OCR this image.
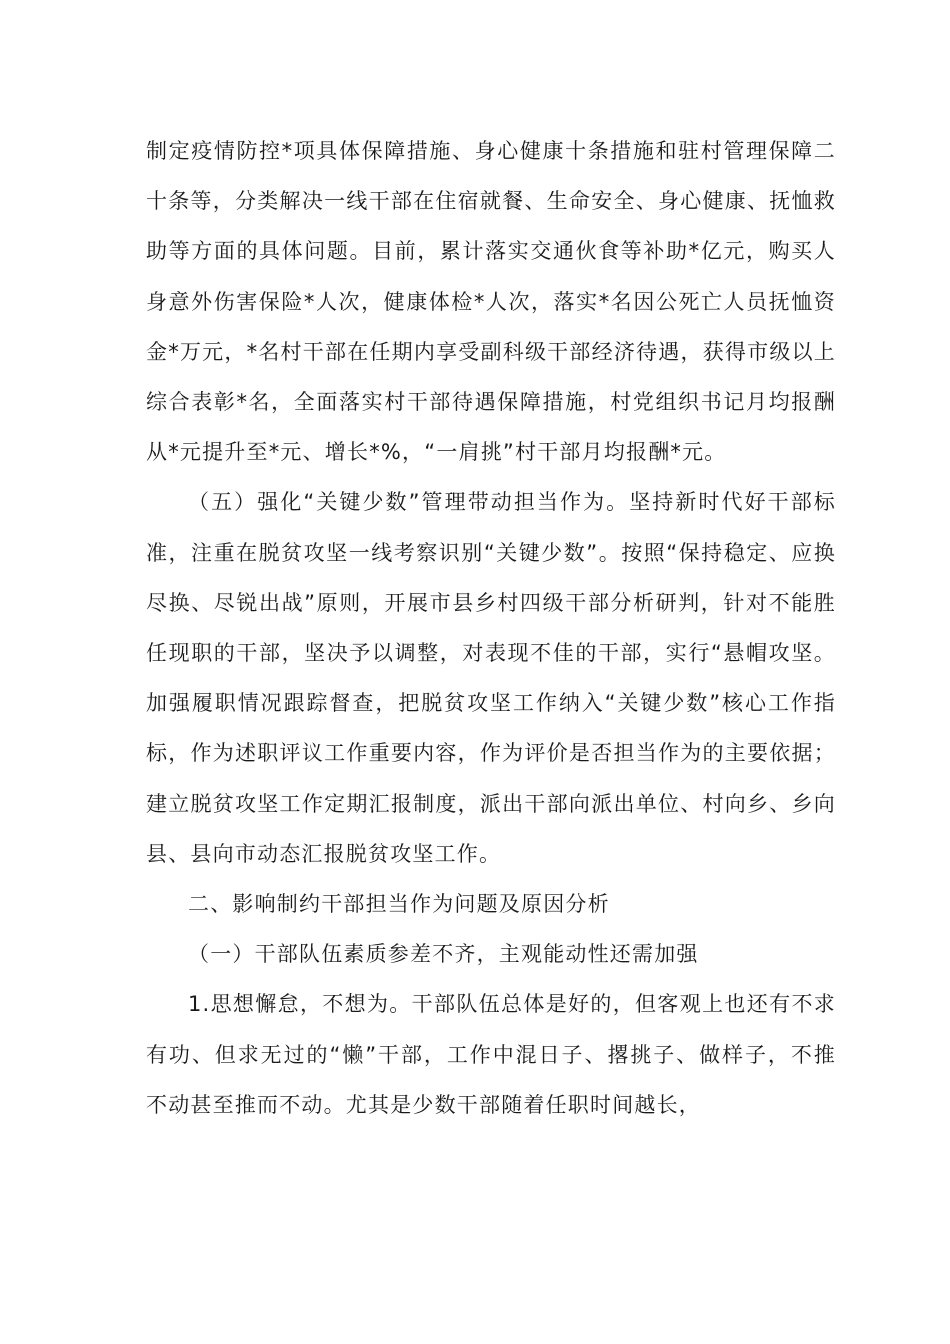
制定疫情防控*项具体保障措施、身心健康十条措施和驻村管理保障二十条等，分类解决一线干部在住宿就餐、生命安全、身心健康、抚恤救助等方面的具体问题。目前，累计落实交通伙食等补助*亿元，购买人身意外伤害保险*人次，健康体检*人次，落实*名因公死亡人员抚恤资金*万元，*名村干部在任期内享受副科级干部经济待遇，获得市级以上综合表彰*名，全面落实村干部待遇保障措施，村党组织书记月均报酬从*元提升至*元、增长*%，“一肩挑”村干部月均报酬*元。

（五）强化“关键少数”管理带动担当作为。坚持新时代好干部标准，注重在脱贫攻坚一线考察识别“关键少数”。按照“保持稳定、应换尽换、尽锐出战”原则，开展市县乡村四级干部分析研判，针对不能胜任现职的干部，坚决予以调整，对表现不佳的干部，实行“悬帽攻坚。加强履职情况跟踪督查，把脱贫攻坚工作纳入“关键少数”核心工作指标，作为述职评议工作重要内容，作为评价是否担当作为的主要依据；建立脱贫攻坚工作定期汇报制度，派出干部向派出单位、村向乡、乡向县、县向市动态汇报脱贫攻坚工作。

二、影响制约干部担当作为问题及原因分析

（一）干部队伍素质参差不齐，主观能动性还需加强

1.思想懈怠，不想为。干部队伍总体是好的，但客观上也还有不求有功、但求无过的“懒”干部，工作中混日子、撂挑子、做样子，不推不动甚至推而不动。尤其是少数干部随着任职时间越长，
